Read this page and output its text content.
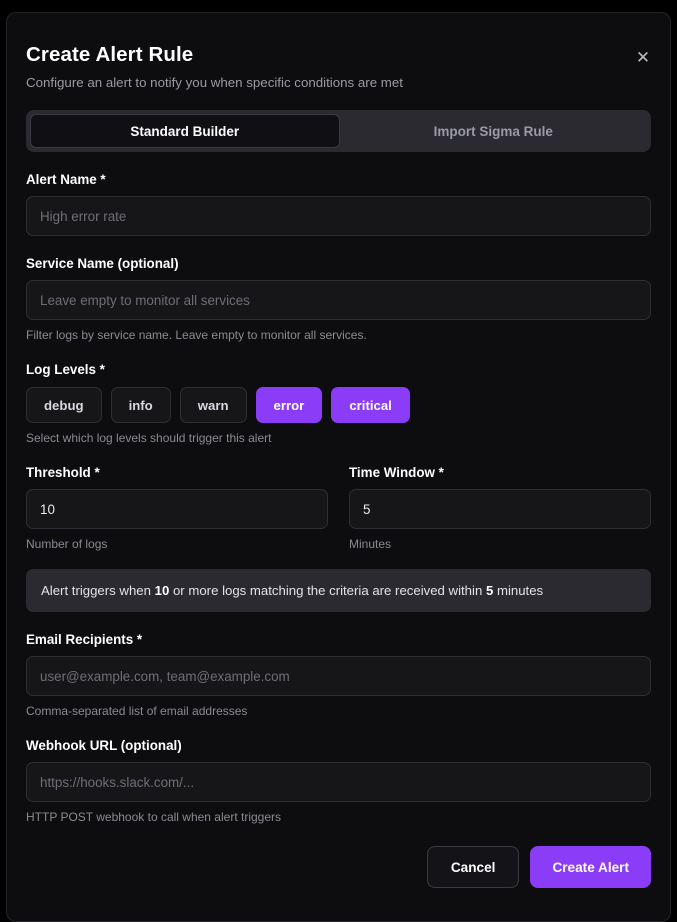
✕
Create Alert Rule

Configure an alert to notify you when specific conditions are met

Standard Builder	Import Sigma Rule
Alert Name *
High error rate
Service Name (optional)
Leave empty to monitor all services
Filter logs by service name. Leave empty to monitor all services.
Log Levels *
debug	info	warn	error	critical
Select which log levels should trigger this alert
Threshold *
10
Number of logs
Time Window *
5
Minutes
Alert triggers when 10 or more logs matching the criteria are received within 5 minutes
Email Recipients *
user@example.com, team@example.com
Comma-separated list of email addresses
Webhook URL (optional)
https://hooks.slack.com/...
HTTP POST webhook to call when alert triggers
Cancel	Create Alert
